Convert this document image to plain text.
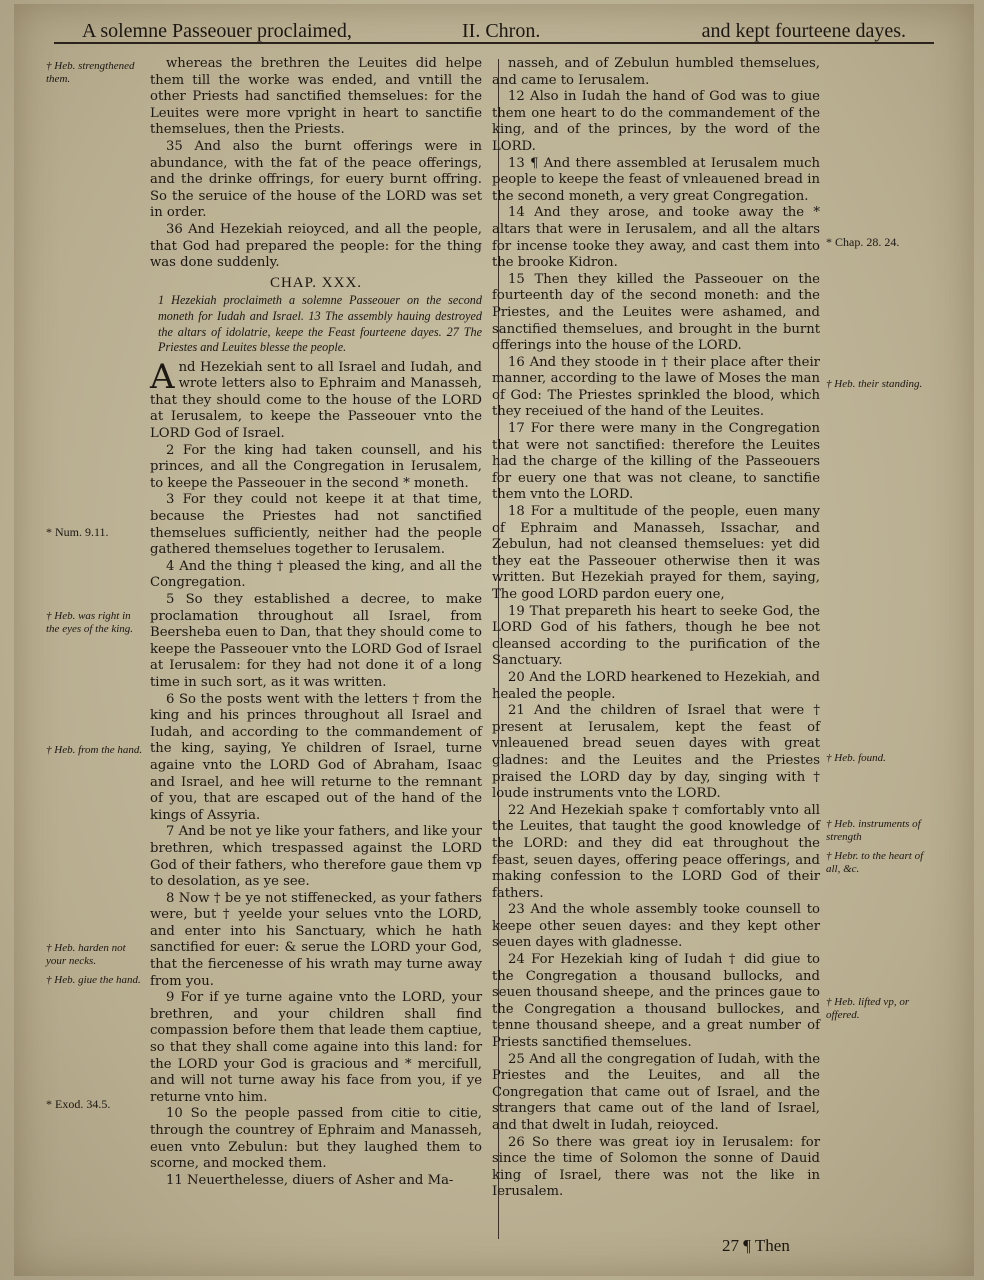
A solemne Passeouer proclaimed,	II. Chron.	and kept fourteene dayes.

whereas the brethren the Leuites did helpe them till the worke was ended, and vntill the other Priests had sanctified themselues: for the Leuites were more vpright in heart to sanctifie themselues, then the Priests.

35 And also the burnt offerings were in abundance, with the fat of the peace offerings, and the drinke offrings, for euery burnt offring. So the seruice of the house of the LORD was set in order.

36 And Hezekiah reioyced, and all the people, that God had prepared the people: for the thing was done suddenly.

CHAP. XXX.

1 Hezekiah proclaimeth a solemne Passeouer on the second moneth for Iudah and Israel. 13 The assembly hauing destroyed the altars of idolatrie, keepe the Feast fourteene dayes. 27 The Priestes and Leuites blesse the people.

And Hezekiah sent to all Israel and Iudah, and wrote letters also to Ephraim and Manasseh, that they should come to the house of the LORD at Ierusalem, to keepe the Passeouer vnto the LORD God of Israel.

2 For the king had taken counsell, and his princes, and all the Congregation in Ierusalem, to keepe the Passeouer in the second * moneth.

3 For they could not keepe it at that time, because the Priestes had not sanctified themselues sufficiently, neither had the people gathered themselues together to Ierusalem.

4 And the thing † pleased the king, and all the Congregation.

5 So they established a decree, to make proclamation throughout all Israel, from Beersheba euen to Dan, that they should come to keepe the Passeouer vnto the LORD God of Israel at Ierusalem: for they had not done it of a long time in such sort, as it was written.

6 So the posts went with the letters † from the king and his princes throughout all Israel and Iudah, and according to the commandement of the king, saying, Ye children of Israel, turne againe vnto the LORD God of Abraham, Isaac and Israel, and hee will returne to the remnant of you, that are escaped out of the hand of the kings of Assyria.

7 And be not ye like your fathers, and like your brethren, which trespassed against the LORD God of their fathers, who therefore gaue them vp to desolation, as ye see.

8 Now † be ye not stiffenecked, as your fathers were, but † yeelde your selues vnto the LORD, and enter into his Sanctuary, which he hath sanctified for euer: & serue the LORD your God, that the fiercenesse of his wrath may turne away from you.

9 For if ye turne againe vnto the LORD, your brethren, and your children shall find compassion before them that leade them captiue, so that they shall come againe into this land: for the LORD your God is gracious and * mercifull, and will not turne away his face from you, if ye returne vnto him.

10 So the people passed from citie to citie, through the countrey of Ephraim and Manasseh, euen vnto Zebulun: but they laughed them to scorne, and mocked them.

11 Neuerthelesse, diuers of Asher and Ma-

nasseh, and of Zebulun humbled themselues, and came to Ierusalem.

12 Also in Iudah the hand of God was to giue them one heart to do the commandement of the king, and of the princes, by the word of the LORD.

13 ¶ And there assembled at Ierusalem much people to keepe the feast of vnleauened bread in the second moneth, a very great Congregation.

14 And they arose, and tooke away the * altars that were in Ierusalem, and all the altars for incense tooke they away, and cast them into the brooke Kidron.

15 Then they killed the Passeouer on the fourteenth day of the second moneth: and the Priestes, and the Leuites were ashamed, and sanctified themselues, and brought in the burnt offerings into the house of the LORD.

16 And they stoode in † their place after their manner, according to the lawe of Moses the man of God: The Priestes sprinkled the blood, which they receiued of the hand of the Leuites.

17 For there were many in the Congregation that were not sanctified: therefore the Leuites had the charge of the killing of the Passeouers for euery one that was not cleane, to sanctifie them vnto the LORD.

18 For a multitude of the people, euen many of Ephraim and Manasseh, Issachar, and Zebulun, had not cleansed themselues: yet did they eat the Passeouer otherwise then it was written. But Hezekiah prayed for them, saying, The good LORD pardon euery one,

19 That prepareth his heart to seeke God, the LORD God of his fathers, though he bee not cleansed according to the purification of the Sanctuary.

20 And the LORD hearkened to Hezekiah, and healed the people.

21 And the children of Israel that were † present at Ierusalem, kept the feast of vnleauened bread seuen dayes with great gladnes: and the Leuites and the Priestes praised the LORD day by day, singing with † loude instruments vnto the LORD.

22 And Hezekiah spake † comfortably vnto all the Leuites, that taught the good knowledge of the LORD: and they did eat throughout the feast, seuen dayes, offering peace offerings, and making confession to the LORD God of their fathers.

23 And the whole assembly tooke counsell to keepe other seuen dayes: and they kept other seuen dayes with gladnesse.

24 For Hezekiah king of Iudah † did giue to the Congregation a thousand bullocks, and seuen thousand sheepe, and the princes gaue to the Congregation a thousand bullockes, and tenne thousand sheepe, and a great number of Priests sanctified themselues.

25 And all the congregation of Iudah, with the Priestes and the Leuites, and all the Congregation that came out of Israel, and the strangers that came out of the land of Israel, and that dwelt in Iudah, reioyced.

26 So there was great ioy in Ierusalem: for since the time of Solomon the sonne of Dauid king of Israel, there was not the like in Ierusalem.

† Heb. strengthened them.
* Num. 9.11.
† Heb. was right in the eyes of the king.
† Heb. from the hand.
† Heb. harden not your necks.
† Heb. giue the hand.
* Exod. 34.5.
* Chap. 28. 24.
† Heb. their standing.
† Heb. found.
† Heb. instruments of strength
† Hebr. to the heart of all, &c.
† Heb. lifted vp, or offered.
27 ¶ Then
